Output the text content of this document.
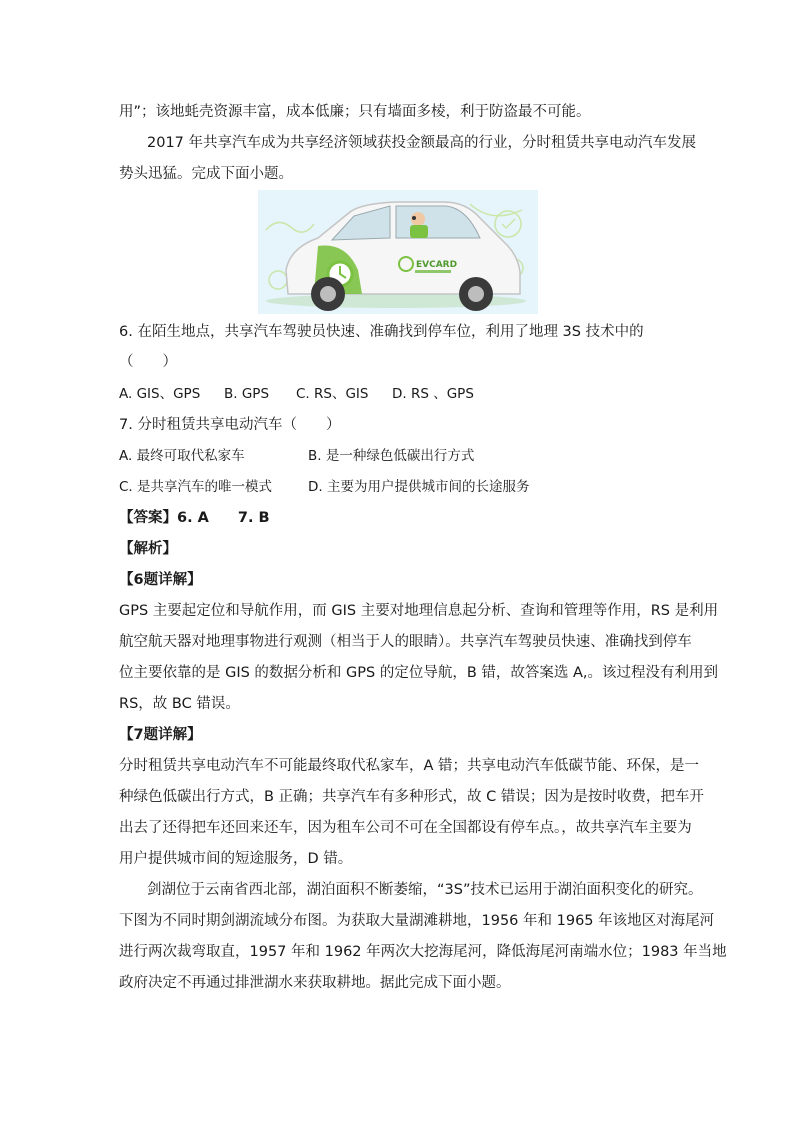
用”；该地蚝壳资源丰富，成本低廉；只有墙面多棱，利于防盗最不可能。
2017 年共享汽车成为共享经济领域获投金额最高的行业，分时租赁共享电动汽车发展
势头迅猛。完成下面小题。
EVCARD
6. 在陌生地点，共享汽车驾驶员快速、准确找到停车位，利用了地理 3S 技术中的
（　　）
A. GIS、GPS B. GPS C. RS、GIS D. RS 、GPS
7. 分时租赁共享电动汽车（　　）
A. 最终可取代私家车	B. 是一种绿色低碳出行方式
C. 是共享汽车的唯一模式	D. 主要为用户提供城市间的长途服务
【答案】6. A　　7. B
【解析】
【6题详解】
GPS 主要起定位和导航作用，而 GIS 主要对地理信息起分析、查询和管理等作用，RS 是利用
航空航天器对地理事物进行观测（相当于人的眼睛）。共享汽车驾驶员快速、准确找到停车
位主要依靠的是 GIS 的数据分析和 GPS 的定位导航，B 错，故答案选 A,。该过程没有利用到
RS，故 BC 错误。
【7题详解】
分时租赁共享电动汽车不可能最终取代私家车，A 错；共享电动汽车低碳节能、环保，是一
种绿色低碳出行方式，B 正确；共享汽车有多种形式，故 C 错误；因为是按时收费，把车开
出去了还得把车还回来还车，因为租车公司不可在全国都设有停车点。，故共享汽车主要为
用户提供城市间的短途服务，D 错。
剑湖位于云南省西北部，湖泊面积不断萎缩，“3S”技术已运用于湖泊面积变化的研究。
下图为不同时期剑湖流域分布图。为获取大量湖滩耕地，1956 年和 1965 年该地区对海尾河
进行两次裁弯取直，1957 年和 1962 年两次大挖海尾河，降低海尾河南端水位；1983 年当地
政府决定不再通过排泄湖水来获取耕地。据此完成下面小题。
